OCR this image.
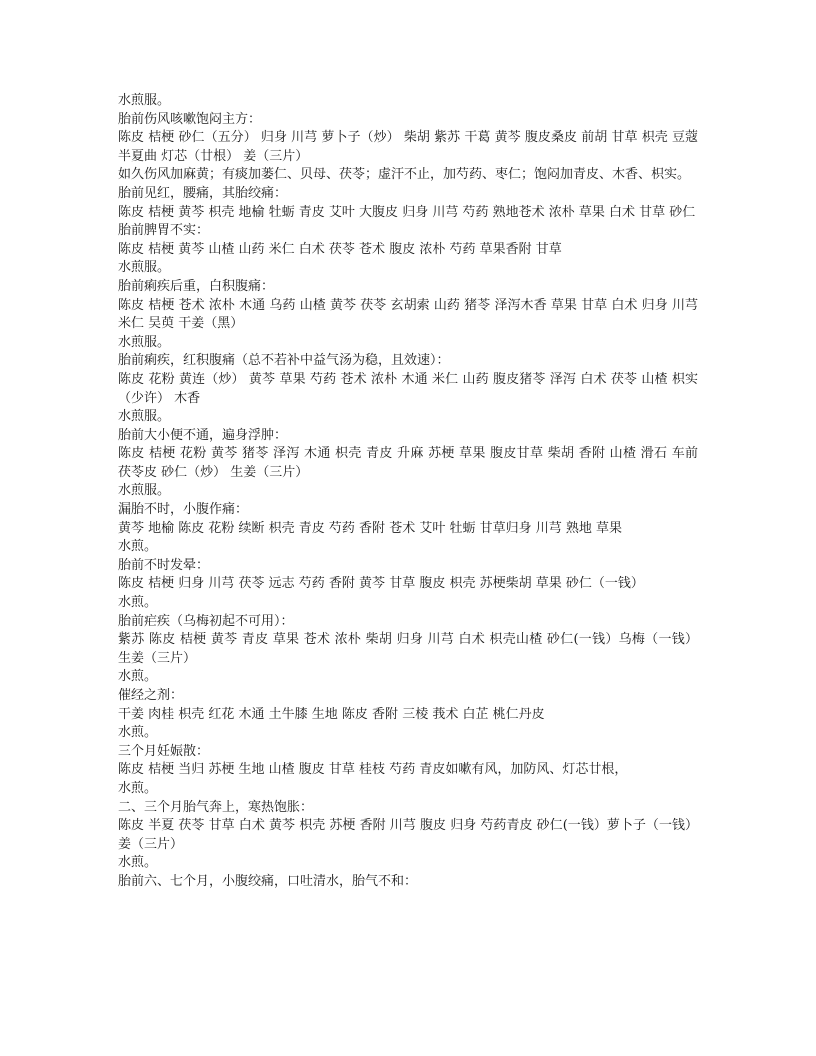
水煎服。
胎前伤风咳嗽饱闷主方：
陈皮 桔梗 砂仁（五分） 归身 川芎 萝卜子（炒） 柴胡 紫苏 干葛 黄芩 腹皮桑皮 前胡 甘草 枳壳 豆蔻 半夏曲 灯芯（廿根） 姜（三片）
如久伤风加麻黄；有痰加蒌仁、贝母、茯苓；虚汗不止，加芍药、枣仁；饱闷加青皮、木香、枳实。
胎前见红，腰痛，其胎绞痛：
陈皮 桔梗 黄芩 枳壳 地榆 牡蛎 青皮 艾叶 大腹皮 归身 川芎 芍药 熟地苍术 浓朴 草果 白术 甘草 砂仁
胎前脾胃不实：
陈皮 桔梗 黄芩 山楂 山药 米仁 白术 茯苓 苍术 腹皮 浓朴 芍药 草果香附 甘草
水煎服。
胎前痢疾后重，白积腹痛：
陈皮 桔梗 苍术 浓朴 木通 乌药 山楂 黄芩 茯苓 玄胡索 山药 猪苓 泽泻木香 草果 甘草 白术 归身 川芎 米仁 吴萸 干姜（黑）
水煎服。
胎前痢疾，红积腹痛（总不若补中益气汤为稳，且效速）：
陈皮 花粉 黄连（炒） 黄芩 草果 芍药 苍术 浓朴 木通 米仁 山药 腹皮猪苓 泽泻 白术 茯苓 山楂 枳实（少许） 木香
水煎服。
胎前大小便不通，遍身浮肿：
陈皮 桔梗 花粉 黄芩 猪苓 泽泻 木通 枳壳 青皮 升麻 苏梗 草果 腹皮甘草 柴胡 香附 山楂 滑石 车前 茯苓皮 砂仁（炒） 生姜（三片）
水煎服。
漏胎不时，小腹作痛：
黄芩 地榆 陈皮 花粉 续断 枳壳 青皮 芍药 香附 苍术 艾叶 牡蛎 甘草归身 川芎 熟地 草果
水煎。
胎前不时发晕：
陈皮 桔梗 归身 川芎 茯苓 远志 芍药 香附 黄芩 甘草 腹皮 枳壳 苏梗柴胡 草果 砂仁（一钱）
水煎。
胎前疟疾（乌梅初起不可用）：
紫苏 陈皮 桔梗 黄芩 青皮 草果 苍术 浓朴 柴胡 归身 川芎 白术 枳壳山楂 砂仁(一钱）乌梅（一钱） 生姜（三片）
水煎。
催经之剂：
干姜 肉桂 枳壳 红花 木通 土牛膝 生地 陈皮 香附 三棱 莪术 白芷 桃仁丹皮
水煎。
三个月妊娠散：
陈皮 桔梗 当归 苏梗 生地 山楂 腹皮 甘草 桂枝 芍药 青皮如嗽有风，加防风、灯芯廿根，
水煎。
二、三个月胎气奔上，寒热饱胀：
陈皮 半夏 茯苓 甘草 白术 黄芩 枳壳 苏梗 香附 川芎 腹皮 归身 芍药青皮 砂仁(一钱）萝卜子（一钱） 姜（三片）
水煎。
胎前六、七个月，小腹绞痛，口吐清水，胎气不和：
